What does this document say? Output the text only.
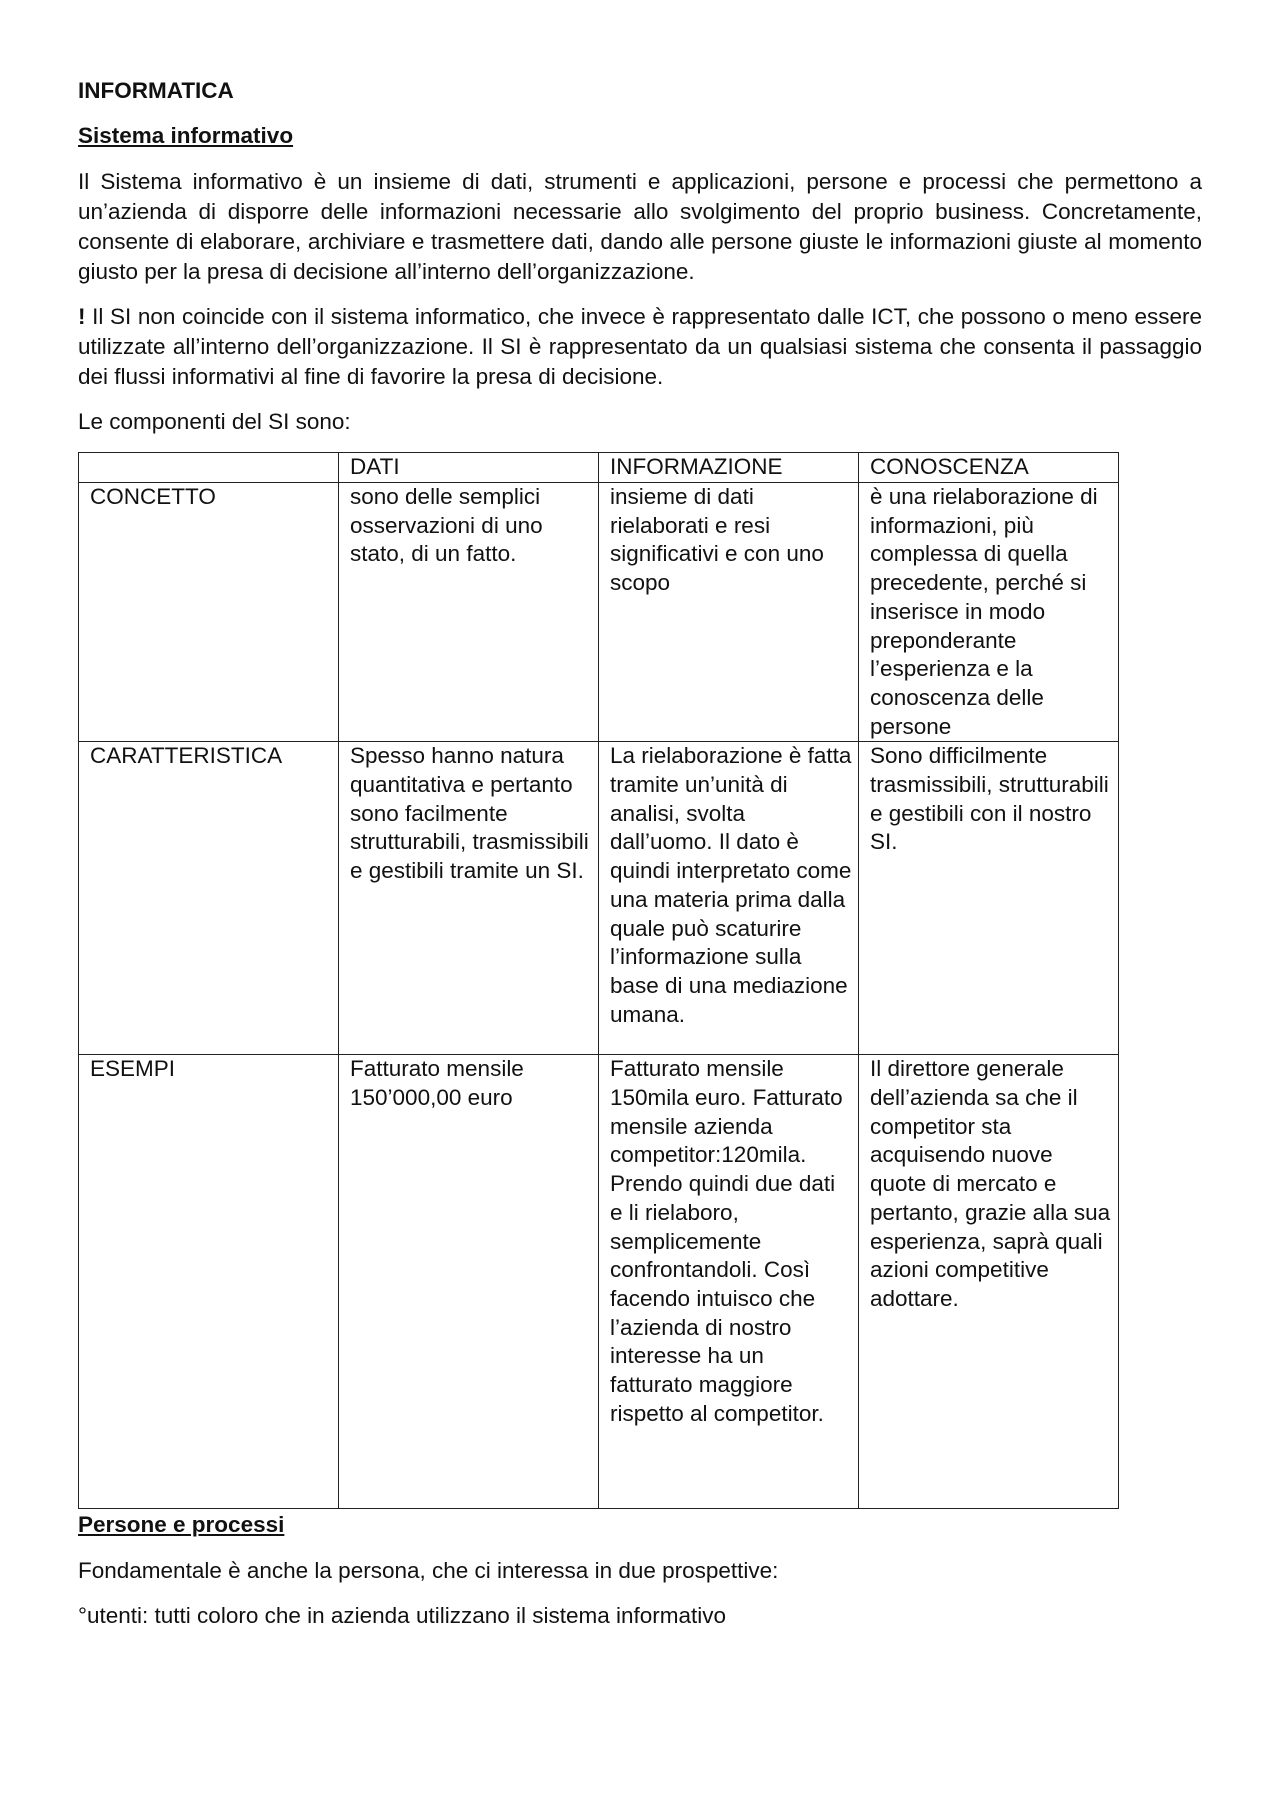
INFORMATICA
Sistema informativo

Il Sistema informativo è un insieme di dati, strumenti e applicazioni, persone e processi che permettono a un’azienda di disporre delle informazioni necessarie allo svolgimento del proprio business. Concretamente, consente di elaborare, archiviare e trasmettere dati, dando alle persone giuste le informazioni giuste al momento giusto per la presa di decisione all’interno dell’organizzazione.

! Il SI non coincide con il sistema informatico, che invece è rappresentato dalle ICT, che possono o meno essere utilizzate all’interno dell’organizzazione. Il SI è rappresentato da un qualsiasi sistema che consenta il passaggio dei flussi informativi al fine di favorire la presa di decisione.

Le componenti del SI sono:

	DATI	INFORMAZIONE	CONOSCENZA
CONCETTO	sono delle semplici osservazioni di uno stato, di un fatto.	insieme di dati rielaborati e resi significativi e con uno scopo	è una rielaborazione di informazioni, più complessa di quella precedente, perché si inserisce in modo preponderante l’esperienza e la conoscenza delle persone
CARATTERISTICA	Spesso hanno natura quantitativa e pertanto sono facilmente strutturabili, trasmissibili e gestibili tramite un SI.	La rielaborazione è fatta tramite un’unità di analisi, svolta dall’uomo. Il dato è quindi interpretato come una materia prima dalla quale può scaturire l’informazione sulla base di una mediazione umana.	Sono difficilmente trasmissibili, strutturabili e gestibili con il nostro SI.
ESEMPI	Fatturato mensile 150’000,00 euro	Fatturato mensile 150mila euro. Fatturato mensile azienda competitor:120mila. Prendo quindi due dati e li rielaboro, semplicemente confrontandoli. Così facendo intuisco che l’azienda di nostro interesse ha un fatturato maggiore rispetto al competitor.	Il direttore generale dell’azienda sa che il competitor sta acquisendo nuove quote di mercato e pertanto, grazie alla sua esperienza, saprà quali azioni competitive adottare.
Persone e processi

Fondamentale è anche la persona, che ci interessa in due prospettive:

°utenti: tutti coloro che in azienda utilizzano il sistema informativo
